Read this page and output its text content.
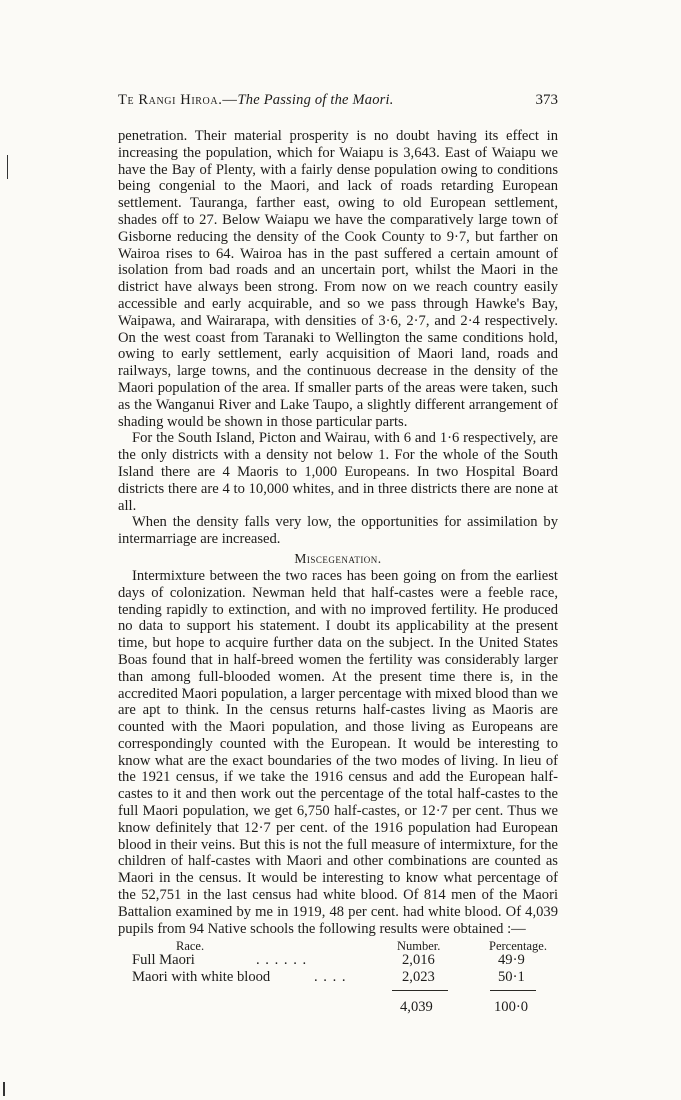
Te Rangi Hiroa.—The Passing of the Maori.	373

penetration. Their material prosperity is no doubt having its effect in increasing the population, which for Waiapu is 3,643. East of Waiapu we have the Bay of Plenty, with a fairly dense population owing to conditions being congenial to the Maori, and lack of roads retarding European settlement. Tauranga, farther east, owing to old European settlement, shades off to 27. Below Waiapu we have the comparatively large town of Gisborne reducing the density of the Cook County to 9·7, but farther on Wairoa rises to 64. Wairoa has in the past suffered a certain amount of isolation from bad roads and an uncertain port, whilst the Maori in the district have always been strong. From now on we reach country easily accessible and early acquirable, and so we pass through Hawke's Bay, Waipawa, and Wairarapa, with densities of 3·6, 2·7, and 2·4 respectively. On the west coast from Taranaki to Wellington the same conditions hold, owing to early settlement, early acquisition of Maori land, roads and railways, large towns, and the continuous decrease in the density of the Maori population of the area. If smaller parts of the areas were taken, such as the Wanganui River and Lake Taupo, a slightly different arrangement of shading would be shown in those particular parts.

For the South Island, Picton and Wairau, with 6 and 1·6 respectively, are the only districts with a density not below 1. For the whole of the South Island there are 4 Maoris to 1,000 Europeans. In two Hospital Board districts there are 4 to 10,000 whites, and in three districts there are none at all.

When the density falls very low, the opportunities for assimilation by intermarriage are increased.

Miscegenation.

Intermixture between the two races has been going on from the earliest days of colonization. Newman held that half-castes were a feeble race, tending rapidly to extinction, and with no improved fertility. He produced no data to support his statement. I doubt its applicability at the present time, but hope to acquire further data on the subject. In the United States Boas found that in half-breed women the fertility was considerably larger than among full-blooded women. At the present time there is, in the accredited Maori population, a larger percentage with mixed blood than we are apt to think. In the census returns half-castes living as Maoris are counted with the Maori population, and those living as Europeans are correspondingly counted with the European. It would be interesting to know what are the exact boundaries of the two modes of living. In lieu of the 1921 census, if we take the 1916 census and add the European half-castes to it and then work out the percentage of the total half-castes to the full Maori population, we get 6,750 half-castes, or 12·7 per cent. Thus we know definitely that 12·7 per cent. of the 1916 population had European blood in their veins. But this is not the full measure of intermixture, for the children of half-castes with Maori and other combinations are counted as Maori in the census. It would be interesting to know what percentage of the 52,751 in the last census had white blood. Of 814 men of the Maori Battalion examined by me in 1919, 48 per cent. had white blood. Of 4,039 pupils from 94 Native schools the following results were obtained :—

Race.	Number.	Percentage.
Full Maori	. . . . . .	2,016	49·9
Maori with white blood	. . . .	2,023	50·1
4,039	100·0
